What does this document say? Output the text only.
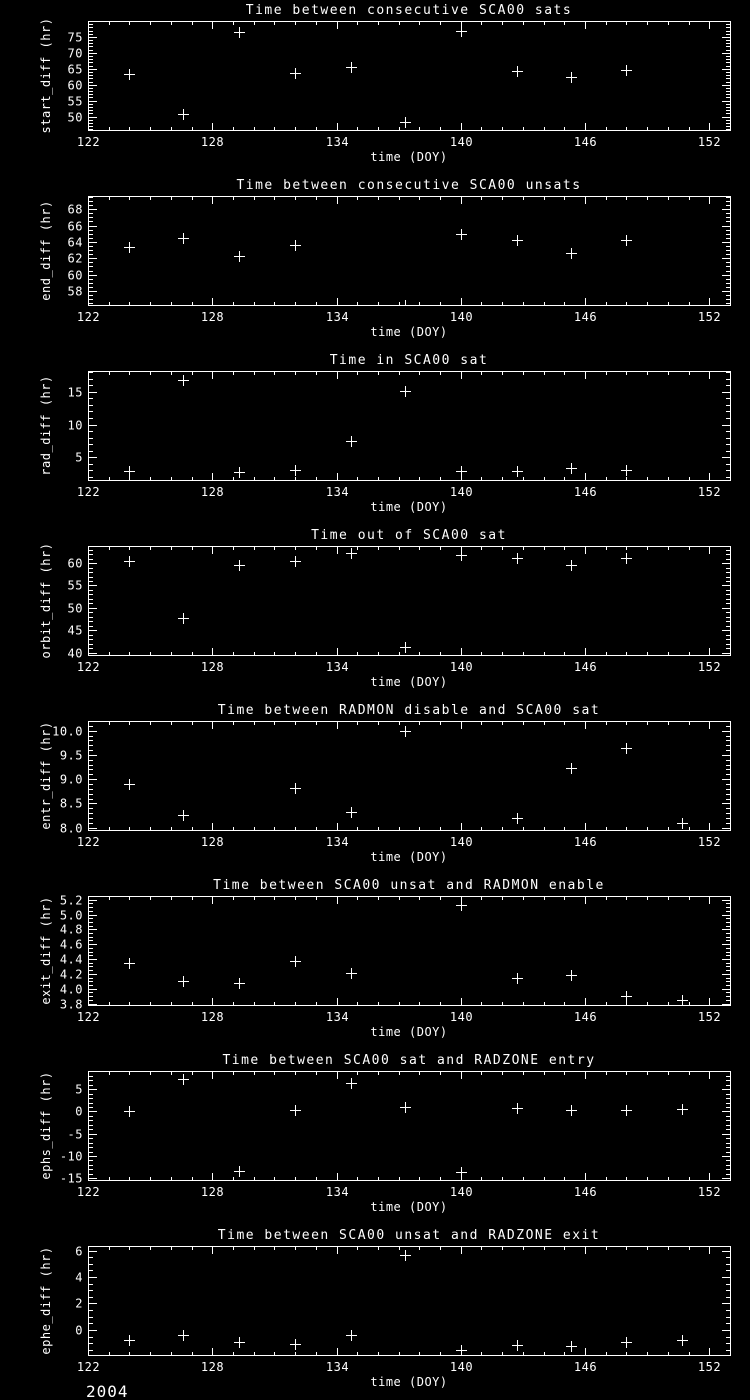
122	128	134	140	146	152
50
55
60
65
70
75
Time between consecutive SCA00 sats
time (DOY)
start_diff (hr)
122	128	134	140	146	152
58
60
62
64
66
68
Time between consecutive SCA00 unsats
time (DOY)
end_diff (hr)
122	128	134	140	146	152
5
10
15
Time in SCA00 sat
time (DOY)
rad_diff (hr)
122	128	134	140	146	152
40
45
50
55
60
Time out of SCA00 sat
time (DOY)
orbit_diff (hr)
122	128	134	140	146	152
8.0
8.5
9.0
9.5
10.0
Time between RADMON disable and SCA00 sat
time (DOY)
entr_diff (hr)
122	128	134	140	146	152
3.8
4.0
4.2
4.4
4.6
4.8
5.0
5.2
Time between SCA00 unsat and RADMON enable
time (DOY)
exit_diff (hr)
122	128	134	140	146	152
-15
-10
-5
0
5
Time between SCA00 sat and RADZONE entry
time (DOY)
ephs_diff (hr)
122	128	134	140	146	152
0
2
4
6
Time between SCA00 unsat and RADZONE exit
time (DOY)
ephe_diff (hr)
2004
